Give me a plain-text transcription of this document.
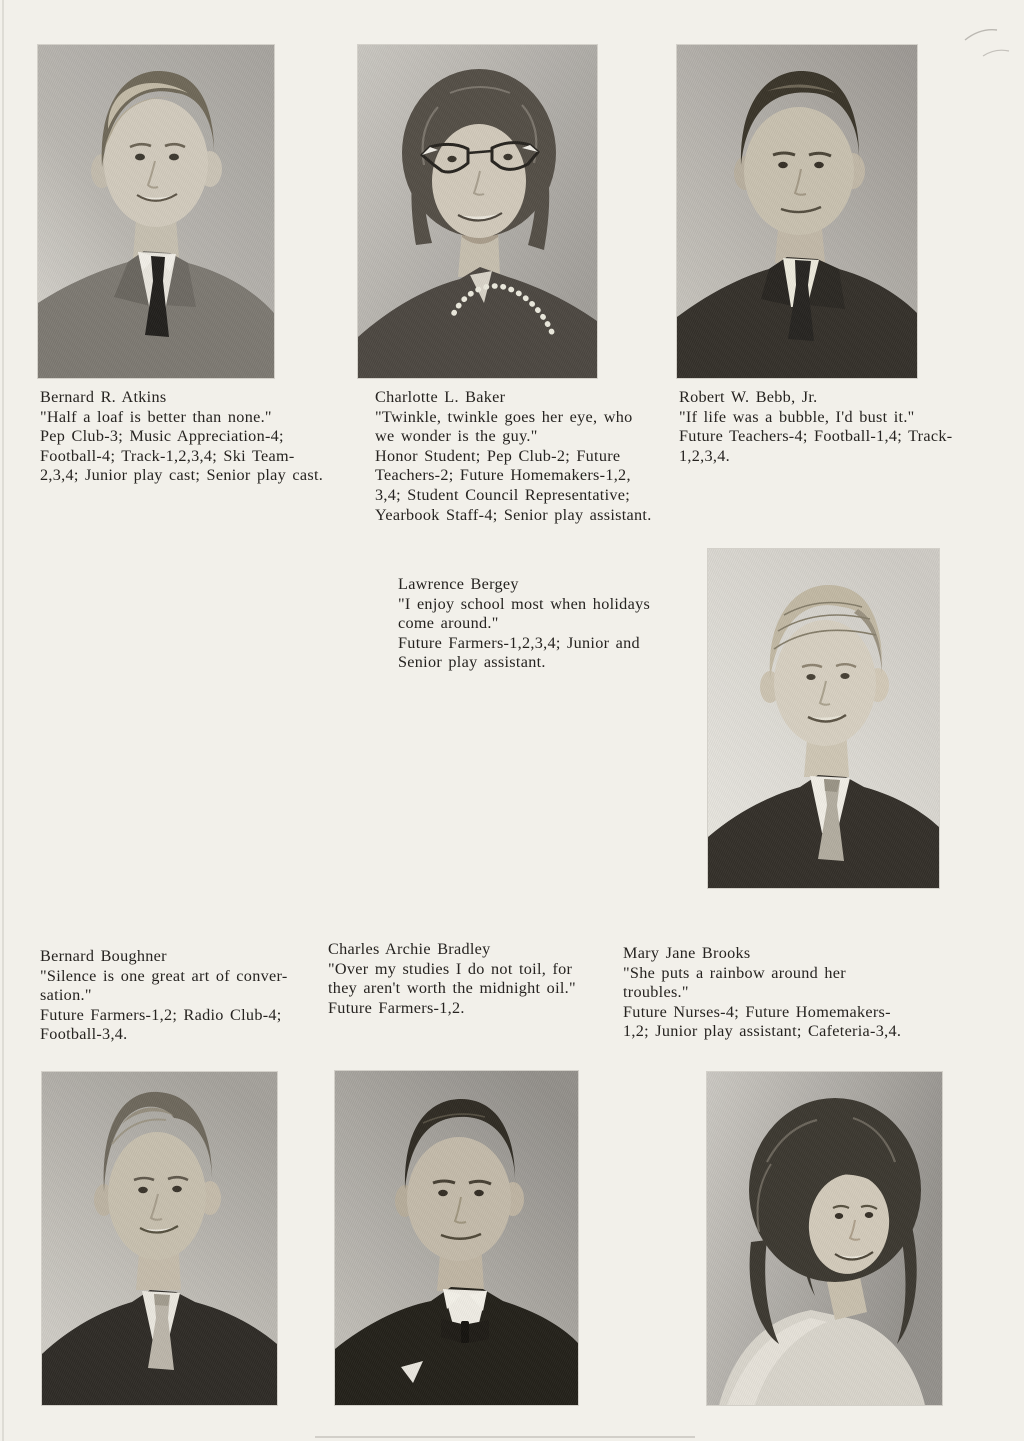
Bernard R. Atkins
"Half a loaf is better than none."
Pep Club-3; Music Appreciation-4;
Football-4; Track-1,2,3,4; Ski Team-
2,3,4; Junior play cast; Senior play cast.
Charlotte L. Baker
"Twinkle, twinkle goes her eye, who
we wonder is the guy."
Honor Student; Pep Club-2; Future
Teachers-2; Future Homemakers-1,2,
3,4; Student Council Representative;
Yearbook Staff-4; Senior play assistant.
Robert W. Bebb, Jr.
"If life was a bubble, I'd bust it."
Future Teachers-4; Football-1,4; Track-
1,2,3,4.
Lawrence Bergey
"I enjoy school most when holidays
come around."
Future Farmers-1,2,3,4; Junior and
Senior play assistant.
Bernard Boughner
"Silence is one great art of conver-
sation."
Future Farmers-1,2; Radio Club-4;
Football-3,4.
Charles Archie Bradley
"Over my studies I do not toil, for
they aren't worth the midnight oil."
Future Farmers-1,2.
Mary Jane Brooks
"She puts a rainbow around her
troubles."
Future Nurses-4; Future Homemakers-
1,2; Junior play assistant; Cafeteria-3,4.
